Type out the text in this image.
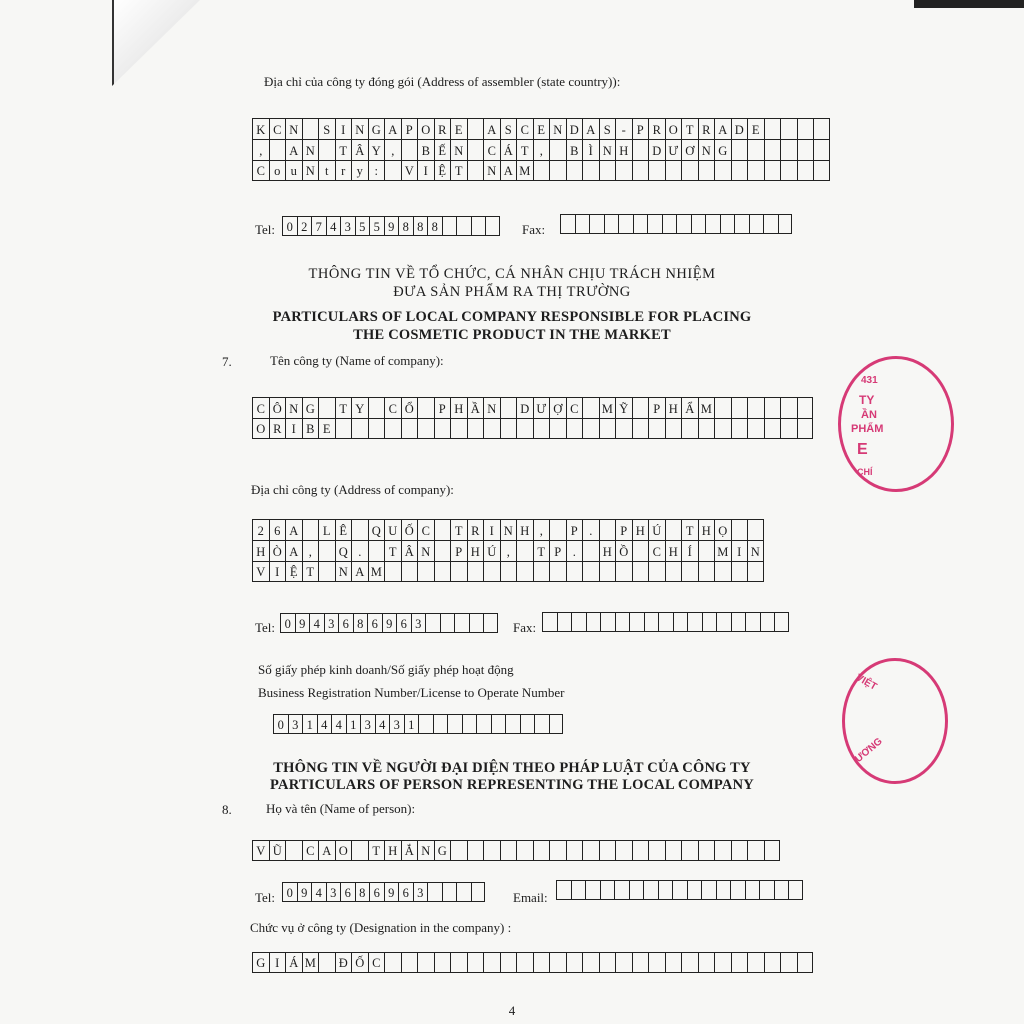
Địa chỉ của công ty đóng gói (Address of assembler (state country)):
K C N	S I N G A P O R E	A S C E N D A S - P R O T R A D E
,	A N	T Â Y ,	B Ế N	C Á T ,	B Ì N H	D Ư Ơ N G
C o u N t	r y :	V I Ệ T	N A M
Tel: 0 2 7 4 3 5 5 9 8 8 8	Fax:
THÔNG TIN VỀ TỔ CHỨC, CÁ NHÂN CHỊU TRÁCH NHIỆM
ĐƯA SẢN PHẨM RA THỊ TRƯỜNG
PARTICULARS OF LOCAL COMPANY RESPONSIBLE FOR PLACING
THE COSMETIC PRODUCT IN THE MARKET
7.	Tên công ty (Name of company):
C Ô N G	T Y	C Ổ	P H Ầ N	D Ư Ợ C M Ỹ	P H Ẩ M
O R I B E
Địa chỉ công ty (Address of company):
2 6 A	L Ê	Q U Ố C	T R I N H ,	P .	P H Ú	T H Ọ
H Ò A ,	Q .	T Â N	P H Ú ,	T P .	H Ồ	C H Í	M I N
V I Ệ T	N A M
Tel: 0 9 4 3 6 8 6 9 6 3	Fax:
Số giấy phép kinh doanh/Số giấy phép hoạt động
Business Registration Number/License to Operate Number
0 3 1 4 4 1 3 4 3 1
THÔNG TIN VỀ NGƯỜI ĐẠI DIỆN THEO PHÁP LUẬT CỦA CÔNG TY
PARTICULARS OF PERSON REPRESENTING THE LOCAL COMPANY
8.	Họ và tên (Name of person):
V Ũ	C A O	T H Ắ N G
Tel: 0 9 4 3 6 8 6 9 6 3	Email:
Chức vụ ở công ty (Designation in the company) :
G I Á M	Đ Ố C
431
TY
ẦN
PHẨM
E
CHÍ
VIỆT
ƯƠNG
4
